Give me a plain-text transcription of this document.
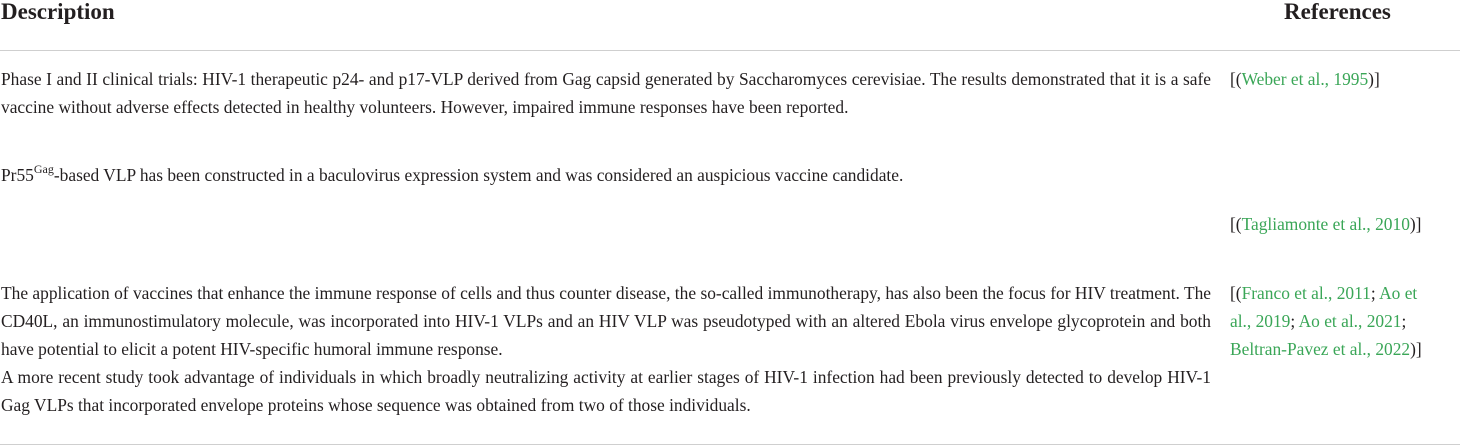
Description	References
Phase I and II clinical trials: HIV-1 therapeutic p24- and p17-VLP derived from Gag capsid generated by Saccharomyces cerevisiae. The results demonstrated that it is a safe vaccine without adverse effects detected in healthy volunteers. However, impaired immune responses have been reported.
[(Weber et al., 1995)]
$Pr55^{Gag}$-based VLP has been constructed in a baculovirus expression system and was considered an auspicious vaccine candidate.
[(Tagliamonte et al., 2010)]

The application of vaccines that enhance the immune response of cells and thus counter disease, the so-called immunotherapy, has also been the focus for HIV treatment. The CD40L, an immunostimulatory molecule, was incorporated into HIV-1 VLPs and an HIV VLP was pseudotyped with an altered Ebola virus envelope glycoprotein and both have potential to elicit a potent HIV-specific humoral immune response.

A more recent study took advantage of individuals in which broadly neutralizing activity at earlier stages of HIV-1 infection had been previously detected to develop HIV-1 Gag VLPs that incorporated envelope proteins whose sequence was obtained from two of those individuals.

[(Franco et al., 2011; Ao et al., 2019; Ao et al., 2021; Beltran-Pavez et al., 2022)]
